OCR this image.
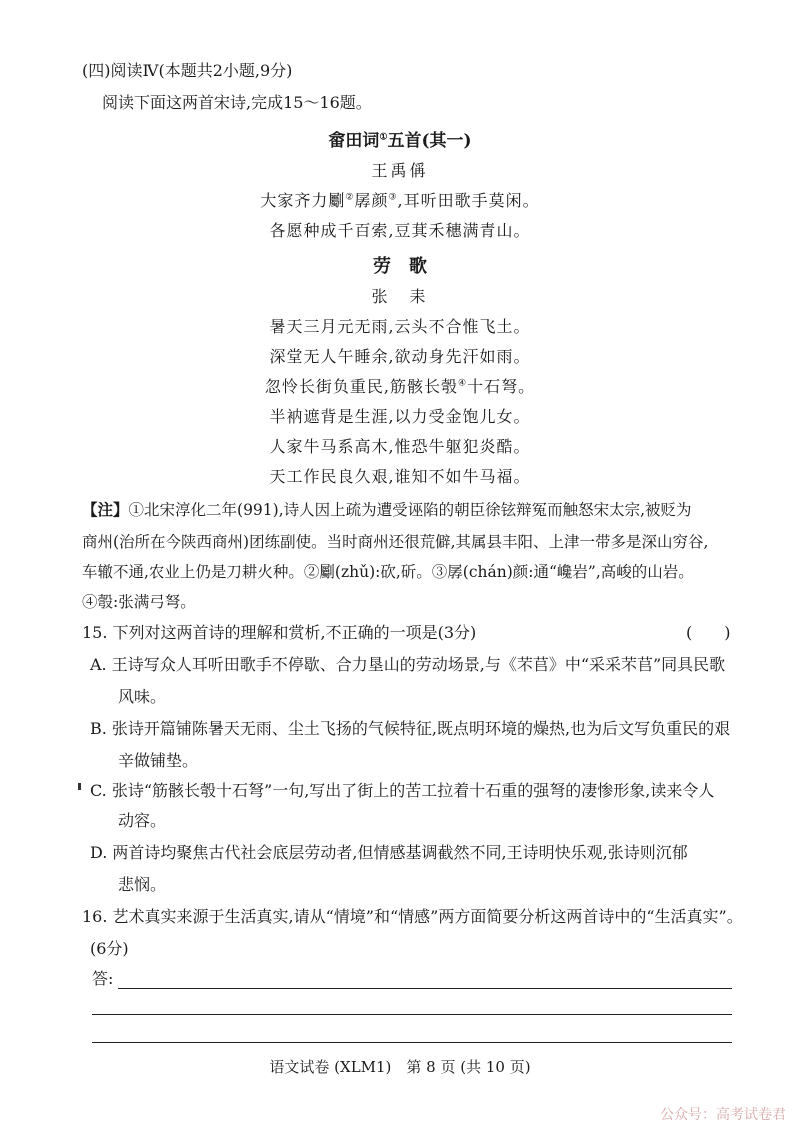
(四)阅读Ⅳ(本题共2小题,9分)
阅读下面这两首宋诗,完成15～16题。
畲田词①五首(其一)
王禹偁
大家齐力劚②孱颜③,耳听田歌手莫闲。
各愿种成千百索,豆萁禾穗满青山。
劳　歌
张　耒
暑天三月元无雨,云头不合惟飞土。
深堂无人午睡余,欲动身先汗如雨。
忽怜长街负重民,筋骸长彀④十石弩。
半衲遮背是生涯,以力受金饱儿女。
人家牛马系高木,惟恐牛躯犯炎酷。
天工作民良久艰,谁知不如牛马福。
【注】①北宋淳化二年(991),诗人因上疏为遭受诬陷的朝臣徐铉辩冤而触怒宋太宗,被贬为
商州(治所在今陕西商州)团练副使。当时商州还很荒僻,其属县丰阳、上津一带多是深山穷谷,
车辙不通,农业上仍是刀耕火种。②劚(zhǔ):砍,斫。③孱(chán)颜:通“巉岩”,高峻的山岩。
④彀:张满弓弩。
15. 下列对这两首诗的理解和赏析,不正确的一项是(3分)	(　　)
A. 王诗写众人耳听田歌手不停歇、合力垦山的劳动场景,与《芣苢》中“采采芣苢”同具民歌
风味。
B. 张诗开篇铺陈暑天无雨、尘土飞扬的气候特征,既点明环境的燥热,也为后文写负重民的艰
辛做铺垫。
C. 张诗“筋骸长彀十石弩”一句,写出了街上的苦工拉着十石重的强弩的凄惨形象,读来令人
动容。
D. 两首诗均聚焦古代社会底层劳动者,但情感基调截然不同,王诗明快乐观,张诗则沉郁
悲悯。
16. 艺术真实来源于生活真实,请从“情境”和“情感”两方面简要分析这两首诗中的“生活真实”。
(6分)
答:
语文试卷 (XLM1)　第 8 页 (共 10 页)
公众号：高考试卷君
